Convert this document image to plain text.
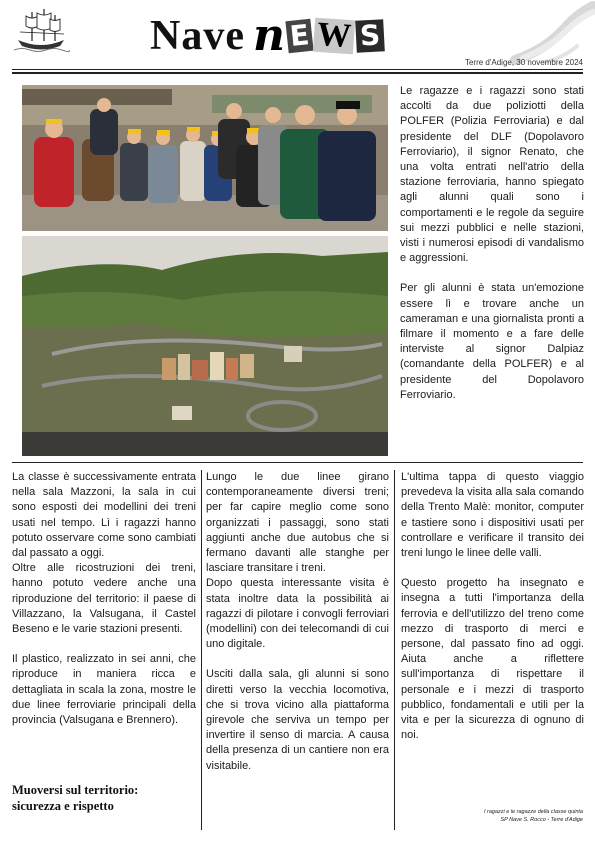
Nave n E W S
Terre d'Adige, 30 novembre 2024

Le ragazze e i ragazzi sono stati accolti da due poliziotti della POLFER (Polizia Ferroviaria) e dal presidente del DLF (Dopolavoro Ferroviario), il signor Renato, che una volta entrati nell'atrio della stazione ferroviaria, hanno spiegato agli alunni quali sono i comportamenti e le regole da seguire sui mezzi pubblici e nelle stazioni, visti i numerosi episodi di vandalismo e aggressioni.

Per gli alunni è stata un'emozione essere lì e trovare anche un cameraman e una giornalista pronti a filmare il momento e a fare delle interviste al signor Dalpiaz (comandante della POLFER) e al presidente del Dopolavoro Ferroviario.

La classe è successivamente entrata nella sala Mazzoni, la sala in cui sono esposti dei modellini dei treni usati nel tempo. Lì i ragazzi hanno potuto osservare come sono cambiati dal passato a oggi.

Oltre alle ricostruzioni dei treni, hanno potuto vedere anche una riproduzione del territorio: il paese di Villazzano, la Valsugana, il Castel Beseno e le varie stazioni presenti.

Il plastico, realizzato in sei anni, che riproduce in maniera ricca e dettagliata in scala la zona, mostre le due linee ferroviarie principali della provincia (Valsugana e Brennero).

Muoversi sul territorio:
sicurezza e rispetto

Lungo le due linee girano contemporaneamente diversi treni; per far capire meglio come sono organizzati i passaggi, sono stati aggiunti anche due autobus che si fermano davanti alle stanghe per lasciare transitare i treni.

Dopo questa interessante visita è stata inoltre data la possibilità ai ragazzi di pilotare i convogli ferroviari (modellini) con dei telecomandi di cui uno digitale.

Usciti dalla sala, gli alunni si sono diretti verso la vecchia locomotiva, che si trova vicino alla piattaforma girevole che serviva un tempo per invertire il senso di marcia. A causa della presenza di un cantiere non era visitabile.

L'ultima tappa di questo viaggio prevedeva la visita alla sala comando della Trento Malè: monitor, computer e tastiere sono i dispositivi usati per controllare e verificare il transito dei treni lungo le linee delle valli.

Questo progetto ha insegnato e insegna a tutti l'importanza della ferrovia e dell'utilizzo del treno come mezzo di trasporto di merci e persone, dal passato fino ad oggi. Aiuta anche a riflettere sull'importanza di rispettare il personale e i mezzi di trasporto pubblico, fondamentali e utili per la vita e per la sicurezza di ognuno di noi.

I ragazzi e le ragazze della classe quinta
SP Nave S. Rocco - Terre d'Adige
